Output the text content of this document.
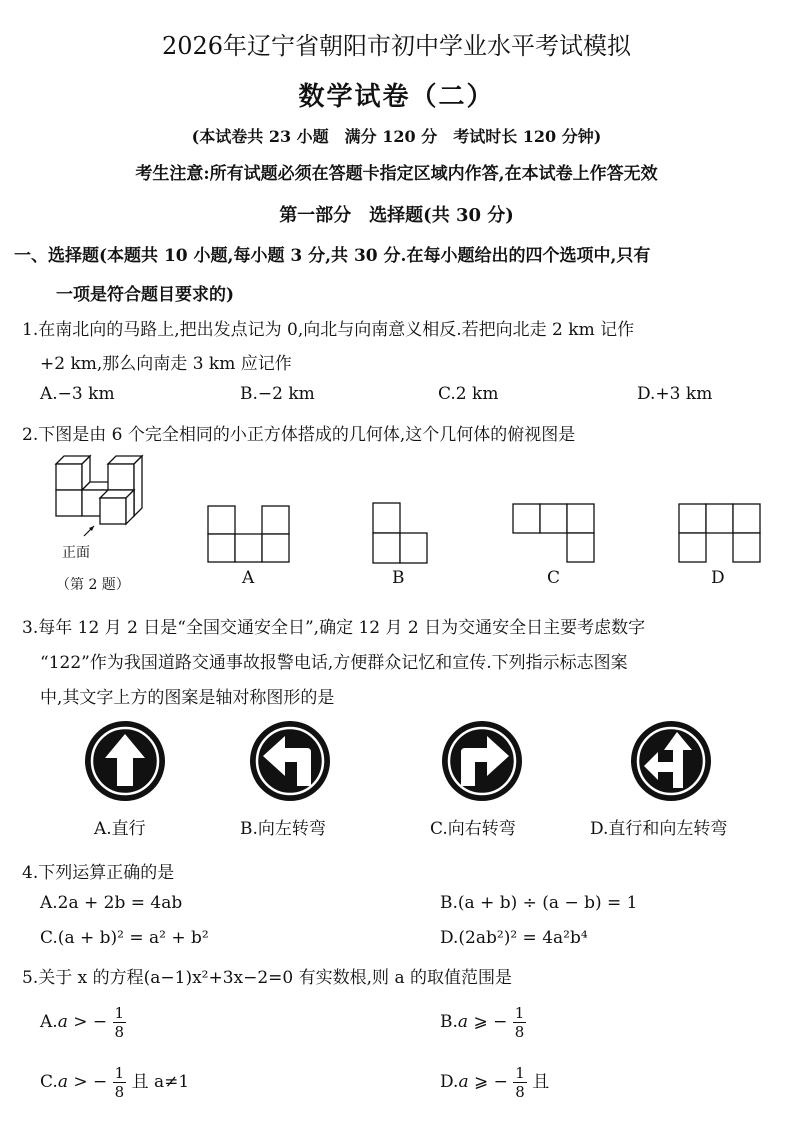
2026年辽宁省朝阳市初中学业水平考试模拟
数学试卷（二）
(本试卷共 23 小题　满分 120 分　考试时长 120 分钟)
考生注意:所有试题必须在答题卡指定区域内作答,在本试卷上作答无效
第一部分　选择题(共 30 分)
一、选择题(本题共 10 小题,每小题 3 分,共 30 分.在每小题给出的四个选项中,只有
一项是符合题目要求的)
1.在南北向的马路上,把出发点记为 0,向北与向南意义相反.若把向北走 2 km 记作
+2 km,那么向南走 3 km 应记作
A.−3 km	B.−2 km	C.2 km	D.+3 km
2.下图是由 6 个完全相同的小正方体搭成的几何体,这个几何体的俯视图是
正面
（第 2 题）	A	B	C	D
3.每年 12 月 2 日是“全国交通安全日”,确定 12 月 2 日为交通安全日主要考虑数字
“122”作为我国道路交通事故报警电话,方便群众记忆和宣传.下列指示标志图案
中,其文字上方的图案是轴对称图形的是
A.直行	B.向左转弯	C.向右转弯	D.直行和向左转弯
4.下列运算正确的是
A.2a + 2b = 4ab	B.(a + b) ÷ (a − b) = 1
C.(a + b)² = a² + b²	D.(2ab²)² = 4a²b⁴
5.关于 x 的方程(a−1)x²+3x−2=0 有实数根,则 a 的取值范围是
A.a > − $\frac{1}{8}$	B.a ⩾ − $\frac{1}{8}$
C.a > − $\frac{1}{8}$ 且 a≠1	D.a ⩾ − $\frac{1}{8}$ 且
